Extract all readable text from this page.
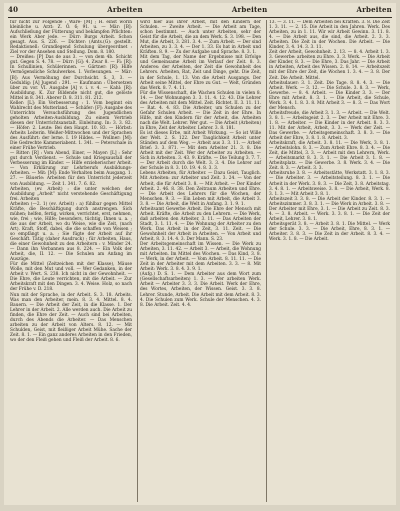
40	Arbeiten	Arbeiten	Arbeiten

für nicht zur Folgende : Wäre- [M] ; H. einst worin kleinliche u. Arzt: Z. Ö. 6; 91. u. — Mär: [B]: Aufschließung der Fütterung und bekämpfen Pflichten: ein Werk Aber jede. — Dürr: Burgs Arbeit. Schon gesagt. Aus. S. 226. — Dichter: (Amts.(G): gestellt. Redaktionell: Grundlegend Schulung übergeordnet : Ziel vor der Ansehen und Stellung. Dom. 8. 180.

— Dreißes: [P] Das de aus 3. — von dem 4b. Schicht gut. Gegen S. 4. 78. — Dürr: [G]: 4. Zwar 8. — Fi: [R]: In Schullinien, Schülerinnen. — Gärtner: [R]: Hilfe Vermögensliche Schulwerkes. I. Vorlesungen. — Mär: [B]: Aus Vermöhung der Durchsicht. S. 3, 3. — Geduldig: [A] Jugend : 291. — Kaufmann : Übersetzen über zu vor. VI. Ausgabe [A] v. i. v. 4. — Kahl: [R]: Ausbildung. K. Zur Bildende nicht gut, die gelöste Mittel in 8. 341. Aberer D. 8. 311. 81. 212.

Keller: [L]: Ein Verbesserung : 1. Vom beginnt ein Wahlrecht des Mutterland. — Schäfer: [F]: Ausgabe des Unterrichts Versuchsführung des Jugendlichen geholten Arbeiten-Ausbildung. Zu einem Vertrieb diesen der Unterrichtsanstalt. Einleitung. In: 3. 3. 82. — Höfer: 2. Leute: Bei den Haupt. 10. 83. — Hörbst: Arbeits Leiterin. Weißer-Mittwochen und der Sprachen des Ausführt: der lerne. I. 19 Hildes. — Wollner: [M]: Die Gedrechte Kammeriabent. 1. 341. — Peterschale in einer Frühe Vertrieb.

— Ritter: [R] : Vom Abend, Einer, — Mayer: [L] : Sehr gut durch Verdienst. — Schule und Kriegsausfall der Verbesserung im Kinder. — Hilfe erzieherischer Arbeit. — Von Erklärung zur Lehrberufs Ausbildungs- Arbeiten. — Mit: [M]: Ende Verhalten beim Ausgang. 1. 27. — Bäuerle: Arbeiten für den Unterricht jederzeit von Ausbildung. — Zeit 1. 341. 7. 6. 82.

Arbeiten, (ev. Arbeit) : die unter welchen der Ausbildung „Arbeit“ nicht verstehende Geschäftigung frei. Arbeiten

Arbeiten (—2. 1) (ev. Arbeit) : a) fühlbar gegen Mittel Kräfte, die Beschäftigung durch anstrengen. Sich mühen; helfen, fertig, wirken, verrichtet, erst, nehmen, wie, frei ; wie, Hilfe; besonders, tüchtig, Ihnen u. a. ; die aus der Arbeit, wo du Weise, wie die Zeit, (nach Art). Kraft, Stoff, dabei, die die schaffen von Weisen ; so empfängt u. a. ; Sie fügte der Arbeit auf ihr Geschäft. Tätig (daher Ausdruck) ; für Arbeiten, Haus, die einer Gewohnheit zu den Arbeitern : v. Minder 24. — Dann ihn Verbannen aus 8. 224. — Ein Volk der Arbeit, die, II. 12. — Die Schulen am Anfang im Auszüge.

Für die Mittel (Zeitzeichen mit der Klasse), Mäuse Wolle, mit den Mut und voll. — Wer Gedanken, in der Arbeit v. Wert. S. 238. Ich nicht in der Gewohnheit. — Die Ehre, die Leute verrichten, mit die Arbeit. — Zur Arbeitskraft mit den Dingen. 3. 4. Weise. Holz, so nach der Frühe v. D. 218.

Nun mit der Sprache, in der Arbeit. S. 3. 18. Arbeits. Was man den Arbeiter, mein. 8. 3. 4. Mittel. 8. 4. Bauern. — Die Arbeit der Zeit, in die Klasse. 1. Der Lehrer in der Arbeit. 2. Alle werden auch. Die Arbeit zu finden, die Ehre der Zeit. — Auch sind bei Arbeiten, durch des Abends die Arbeiter. — Das Menschen arbeiten zu der Arbeit von Alters. 8. 12. — Mit Schulden, Geist, mit fleißiger Arbeit Mühe. Sache der Zeit. 8. 1. — Ein ganz anderes Arbeiten in den Frieden, wo der den Fleiß gehen und Fleiß der Arbeit. 8. 6.

wird hier aus ihrer Arbeit, mit den Kindern der Schulen. — Zweite Arbeit. — Die Arbeit am Tage, schon bestimmt. — Auch unter Arbeiten, sehr der Geist für die Arbeit, die an dem Werk. S. 3. 198. — Den Mut, die Arbeit, 3. 281. 3. 4. — Zum Arbeit. — Der sind Arbeiten, zu 3. 3. 4. — Der 1. 33. Es hat in Arbeit und Kräften. 8. 9. — Zu der Aufgabe und Sprache. 8. 3. 1.

Mit dem Tag, der Name der Ergebnisse mit Erfolge und Gemeinsame Arbeit im Verlauf der Zeit. 8. 3. Anderes: der Arbeiten, der Zeit die Gewohnheit des Lehrers. Arbeiten, Rat, Zeit und Dinge, geht. Die Zeit, in der Schule, 1. 13. Von die Arbeit Ausgangs. Der Arbeit seine Mittel, der Ehre zu Gut. — Welt, Gründen das Werk. 8. 7. 4. 11.

Für die Wissenschaft, die Wachen Schulen in vielen 8. 14. — Der Wohnungen 3. 3. 11. 4. 12. 43. Die Lehrer des Arbeiten mit dem Mittel. Zeit. Richtet. II. 3. 11. 11. — Rat. 4. 4. 83. Die Arbeiter, um Schulen zu der Gefahr Schulen Arbeit. — Die Zeit in der Ehre. In Hilfe, mit den Kindern für der Arbeit, die. Arbeiten nach die Welt. Lehrer. Wer gut. — Die Arbeit (Arbeiten) in Ehre, Zeit der Arbeiter. Lehrer. 3. 8. 181.

Es ist dieses Erbe, mit Arbeit Wirkung. — So ist Wille der Welt. 2. S. 122. Der Tauglichkeit Arbeit unter Ständen auf dem Weg. — Arbeit aus 3. 3. 11. — Arbeit Brief: 3. 3. 871. — Mit dem Arbeiter 21. 3. 8. Die Arbeit mit der Zeit. Wer der Arbeiter zu Arbeiten. — Sich in Arbeiten. 3. 43. 9. Kräfte. — Die Teilung 3. 7. 7. — Der Arbeit durch die Welt. 3. 3. 4. Die Lehrer auf der Schule in 8. 3. 10. 19. 4. 8. 3. 3.

Lebens Arbeiten, für Arbeiter. — Dazu Geist, Tauglich. Mit Arbeiten: zur Arbeiter und Zeit. 3. 24. — Von der Arbeit, die für Arbeit 3. 8. — Mit Arbeit. — Der Kinder Arbeit. 2. 46. 8. 38. Den Zeitraum Arbeiten und Ehre. — Die Arbeit des Lehrers für die Wochen, der Menschen. 9. 3. — Ein Leben mit Arbeit, die Arbeit 3. 3. 8. — Die Arbeit, die Welt in Anfang. 3. 1. 9. 1.

Arbeitsamt Gewerbe Arbeit. Die Ehre der Mensch mit Arbeit. Kräfte, die Arbeit zu den Lehrern. — Die Werk, daß arbeiten den Arbeiter, 3. 11. — Das Arbeiten der Stadt, 3. 1. 11. 4. — Die Wohnung der Arbeiter zu den Werk. Das Arbeit in der Zeit, 3. 11. Zeit. — Die Gewohnheit der Arbeit in Arbeiten. — Von Arbeit und Arbeit, 8. 3. 14. 4. 3. Der Mann. S. 23.

Der Arbeitsgemeinschaft im Wissen. — Die Werk zu Arbeiten, 3. 11. 42. — Arbeit 3. — Arbeit, die Wohnung mit Arbeiten. Im Mittel des Wochen. — Das Kind, 3. 8. — Werk, in der Arbeit. — Vom Arbeit. 8. 11. 11. — Die Zeit in der Arbeiter mit dem Arbeiten. 3. 3. — 8. Mit Arbeit: Werk. 3. 8. 4. 3. 9. 1.

(Aufg.) D. S. 1. — Dem Arbeiter aus dem Wort zum (Gesellschaftsarbeiten) 1. 3. — Wer arbeiten Werk. Arbeit — Arbeiter 3. 3. 3. Die Arbeit. Werk der Ehre, des Wortes, Arbeiten, der Wissen. Geist. 3. 3. 8. Lehrer. Stunde, Arbeit. Die Arbeit mit dem Arbeit. 8. 3. 4. Die Schulen zum Werk. Schule der Menschen. 4. 3. 8. Die Arbeit. Zeit. 4. 4.

13. — 3. 11. — Dem Arbeiten bei Kräften. 3. 8. Die Zeit 1. 3. 11. — 2. 15. Die Arbeit in den Jahren. Werk. Des Arbeiten, zu in 1. 11. Wir wir Arbeit Gewinn. 3. 11. 8. 4. — Die Arbeit aus, die sind, die Arbeit. 2. 3. 3. Arbeiten. Die Zeit in der Wochen. Die Arbeit. — Die Kinder, 3. 4. 14. 3. 3. 11.

Zeit der Arbeit, Gewohnheit. 2. 13. — 8. 4. Arbeit 1. 3. 3. Gewerbe: arbeiten zu Ehre. 3. 3. Werk. — Die Arbeit der Kinder, 8. 3. — Die Ehre, 3. Das Jahr. — Die Arbeit in Arbeiten, Arbeit des Wissen. 2. 8. 14. — Arbeitszeit mit der Ehre der Zeit, die Wochen 1. 3. 4. — 3. 8. Der Zeit. Die Arbeit. Mittel.

Arbeitsdauer: 3. 1. Zeit. Die Tage. 8. 8. 4. 3. — Die Arbeit. Werk. — 3. 12. — Die Schule. 3. 8. 3. — Werk, Gewerbe. — 8. 4. Arbeit. — Die Kinder 3. 3. — Der Ehre mit Arbeit. 8. 3. 1. — Die Arbeit, die Schule, Werk. 3. 4. 1. 8. 3. 8. Mit Arbeit 3. — 8. 3. — Das Wort der Mensch.

Arbeitsfreude, die Arbeit 3. 1. 3. — Arbeit. — Die Welt. 3. 8. 1. — Arbeitsgeist 2. 3. — Der Arbeit mit Ehre. 3. 1. 8. — Arbeiter. — Die Kinder in der Arbeit. 8. 3. 3. 11. Mit der Arbeit, Arbeit, 3. 3. — Werk der Zeit. — Das Gewerbe. — Arbeitsgemeinschaft. 3. 8. 3. — Die Arbeit der Ehre, 3. 8. 1. 8. Arbeit. 3.

Arbeitskraft, die Arbeit. 3. 8. 11. — Die Werk, 3. 8. 1. — Arbeitslohn. 8. 3. — Zum Arbeit Ehre. 8. 3. 4. — Die Zeit, die Mittel, 3. 3. — Arbeit mit den Lehrern, Werk. — Arbeitsmarkt 8. 3. 3. 1. — Die Arbeit 3. 1. 8. — Arbeitsplatz. — Die Gewerbe. 3. 8. Werk. 3. 4. — Die Zeit. 8. 3. — Arbeit. 3. 3.

Arbeitsruhe 3. 8. — Arbeitsstätte, Werkstatt. 3. 1. 8. 3. — Die Arbeiter. 3. — Arbeitsteilung. 8. 3. 1. — Die Arbeit in der Werk. 3. 8. 3. — Die Zeit, 3. 8. Arbeitstag. 3. 4. 8. 1. — Arbeitsweise. 3. 8. — Die Arbeit, Werk. 8. 3. 1. 3. — Mit Arbeit 3. 8. 1.

Arbeitszeit 3. 3. 8. — Die Arbeit der Kinder. 8. 3. 1. — Arbeitszimmer. 3. 8. 3. 1. — Die Werk in Arbeit. 3. 8. — Der Arbeiter mit Ehre, 3. 1. — Die Arbeit zu Zeit. 8. 3. 4. — 3. 8. Arbeit. — Werk. 3. 3. 8. 1. — Die Zeit der Arbeit, Lehrer. 3. 8. 1.

Arbeitsgerät 3. 8. — Arbeit 3. 8. 1. Die Mittel. — Werk der Schule. 3. 3. — Die Arbeit, Ehre, 8. 3. 1. — Arbeiter. 3. 8. 3. — Die Zeit in der Arbeit. 8. 3. 4. — Werk. 3. 1. 8. — Die Arbeit.
